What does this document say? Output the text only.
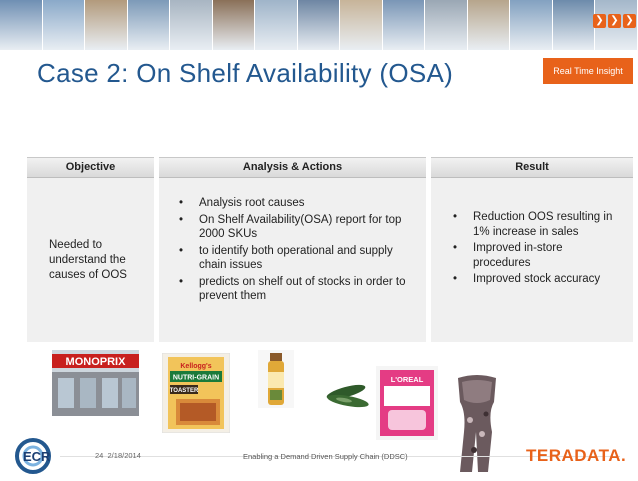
❯ ❯ ❯
Case 2: On Shelf Availability (OSA)	Real Time Insight
Objective
Needed to understand the causes of OOS
Analysis & Actions
• Analysis root causes
• On Shelf Availability(OSA) report for top 2000 SKUs
• to identify both operational and supply chain issues
• predicts on shelf out of stocks in order to prevent them
Result
• Reduction OOS resulting in 1% increase in sales
• Improved in-store procedures
• Improved stock accuracy
MONOPRIX	Kellogg's
NUTRI-GRAIN
TOASTER
L'OREAL
ECR	24 2/18/2014	Enabling a Demand Driven Supply Chain (DDSC)	TERADATA.
